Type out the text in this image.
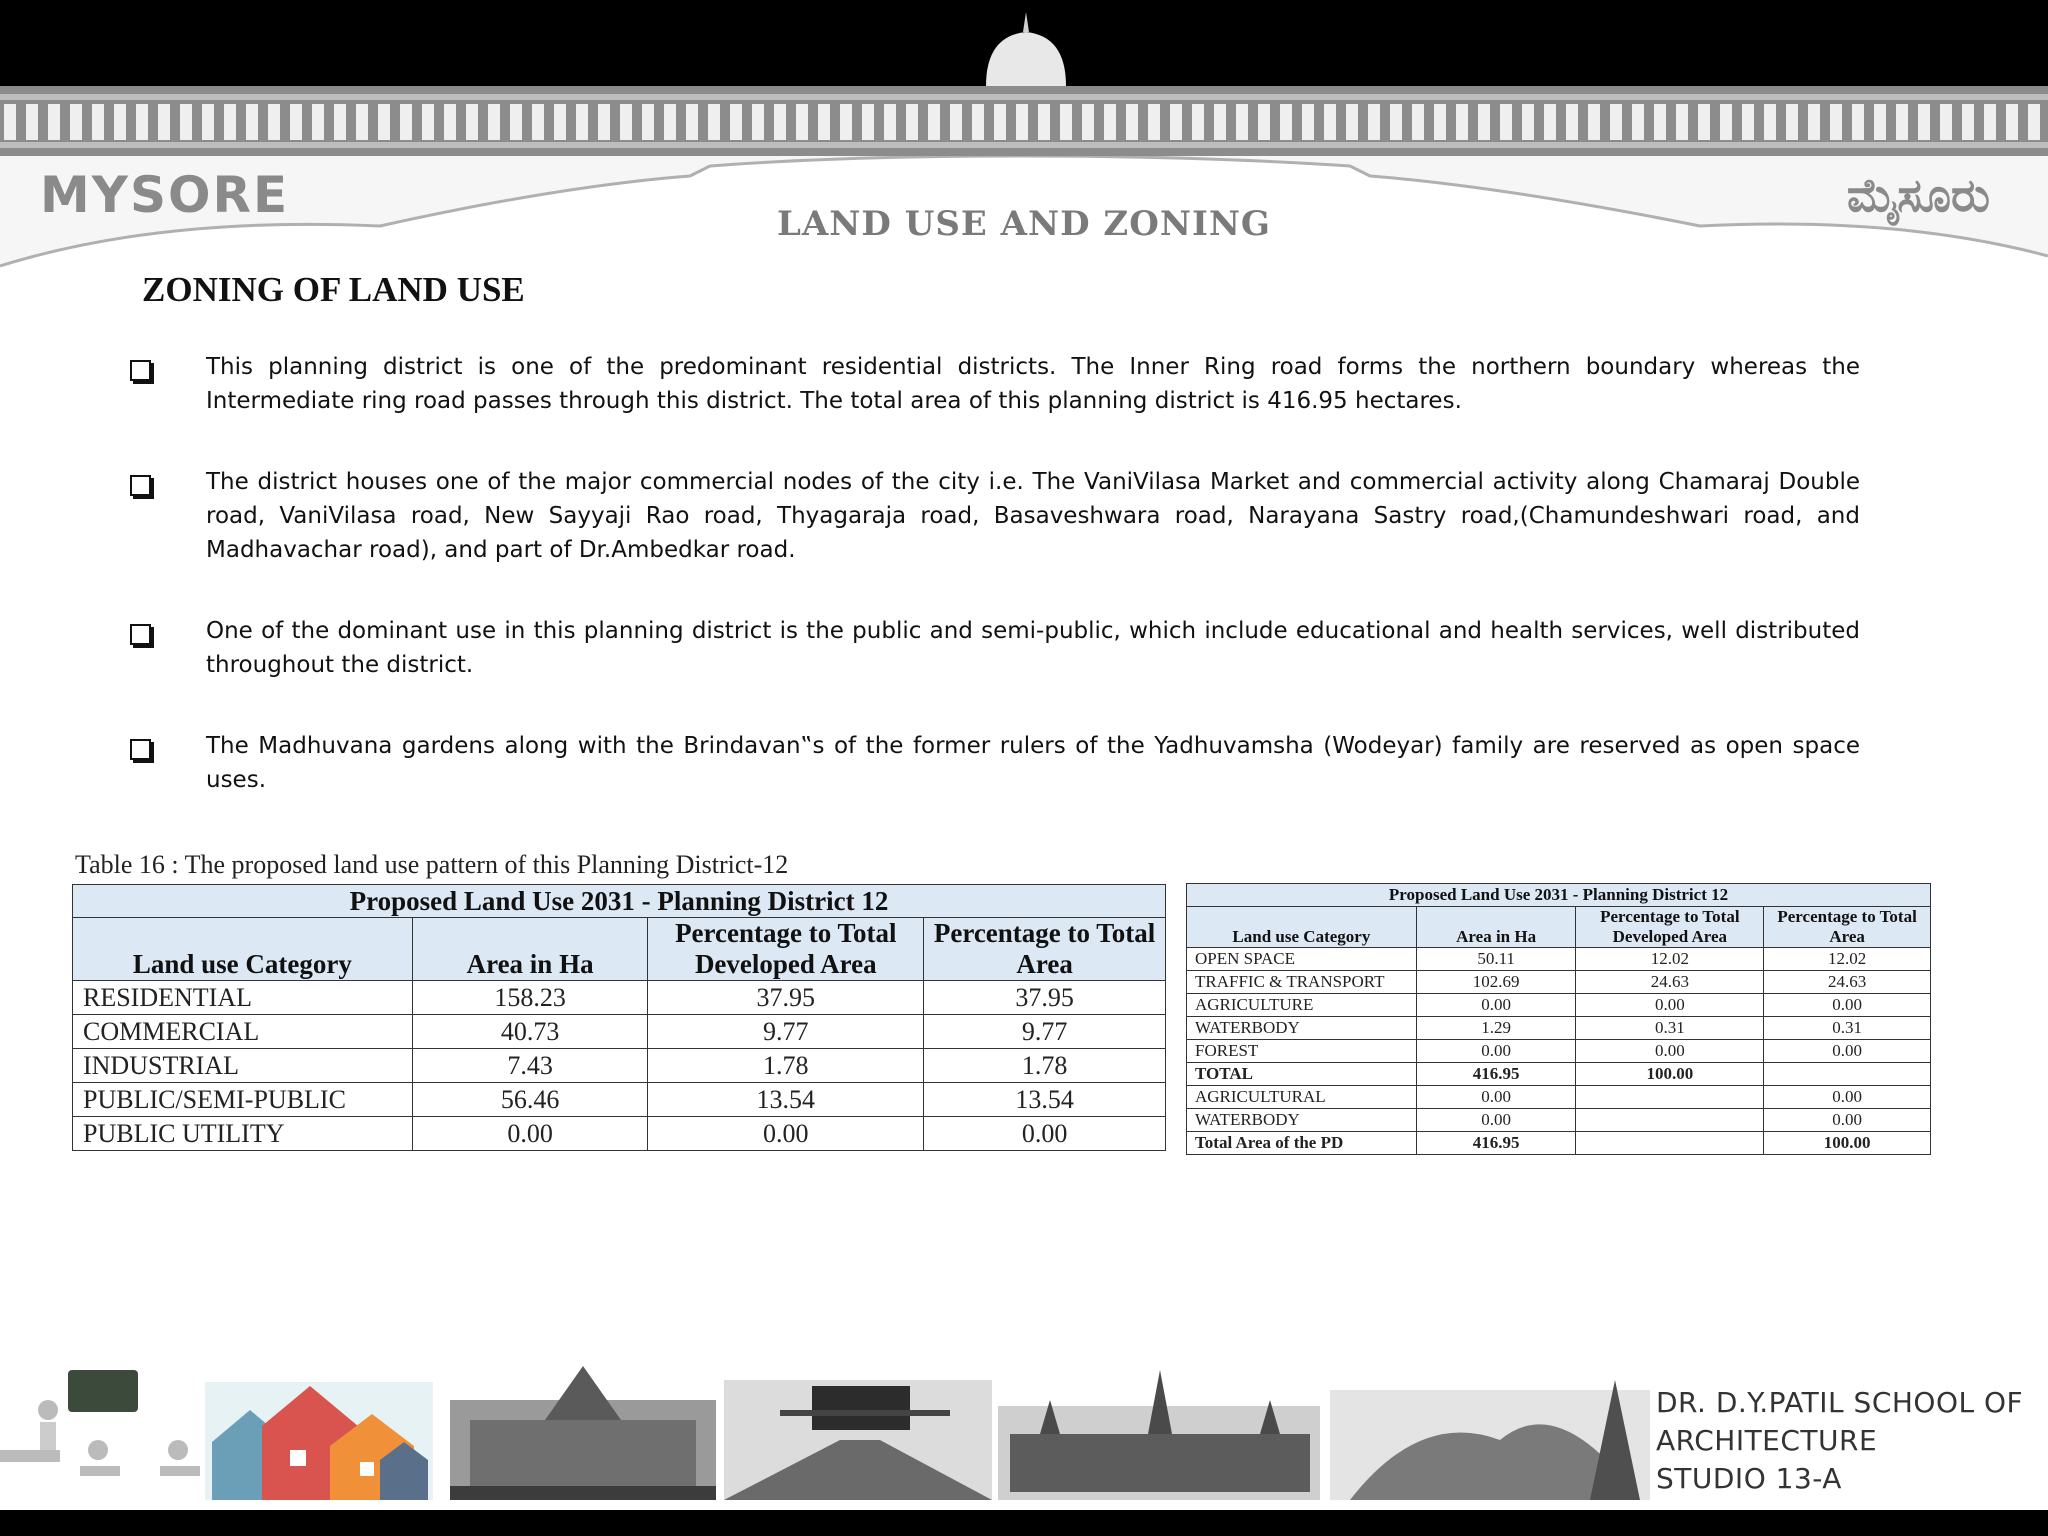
MYSORE	ಮೈಸೂರು
LAND USE AND ZONING
ZONING OF LAND USE
This planning district is one of the predominant residential districts. The Inner Ring road forms the northern boundary whereas the Intermediate ring road passes through this district. The total area of this planning district is 416.95 hectares.
The district houses one of the major commercial nodes of the city i.e. The VaniVilasa Market and commercial activity along Chamaraj Double road, VaniVilasa road, New Sayyaji Rao road, Thyagaraja road, Basaveshwara road, Narayana Sastry road,(Chamundeshwari road, and Madhavachar road), and part of Dr.Ambedkar road.
One of the dominant use in this planning district is the public and semi-public, which include educational and health services, well distributed throughout the district.
The Madhuvana gardens along with the Brindavan‟s of the former rulers of the Yadhuvamsha (Wodeyar) family are reserved as open space uses.
Table 16 : The proposed land use pattern of this Planning District-12
Proposed Land Use 2031 - Planning District 12			
Land use Category	Area in Ha	Percentage to Total Developed Area	Percentage to Total Area
RESIDENTIAL	158.23	37.95	37.95
COMMERCIAL	40.73	9.77	9.77
INDUSTRIAL	7.43	1.78	1.78
PUBLIC/SEMI-PUBLIC	56.46	13.54	13.54
PUBLIC UTILITY	0.00	0.00	0.00
Proposed Land Use 2031 - Planning District 12			
Land use Category	Area in Ha	Percentage to Total Developed Area	Percentage to Total Area
OPEN SPACE	50.11	12.02	12.02
TRAFFIC & TRANSPORT	102.69	24.63	24.63
AGRICULTURE	0.00	0.00	0.00
WATERBODY	1.29	0.31	0.31
FOREST	0.00	0.00	0.00
TOTAL	416.95	100.00	
AGRICULTURAL	0.00		0.00
WATERBODY	0.00		0.00
Total Area of the PD	416.95		100.00
DR. D.Y.PATIL SCHOOL OF
ARCHITECTURE
STUDIO 13-A
